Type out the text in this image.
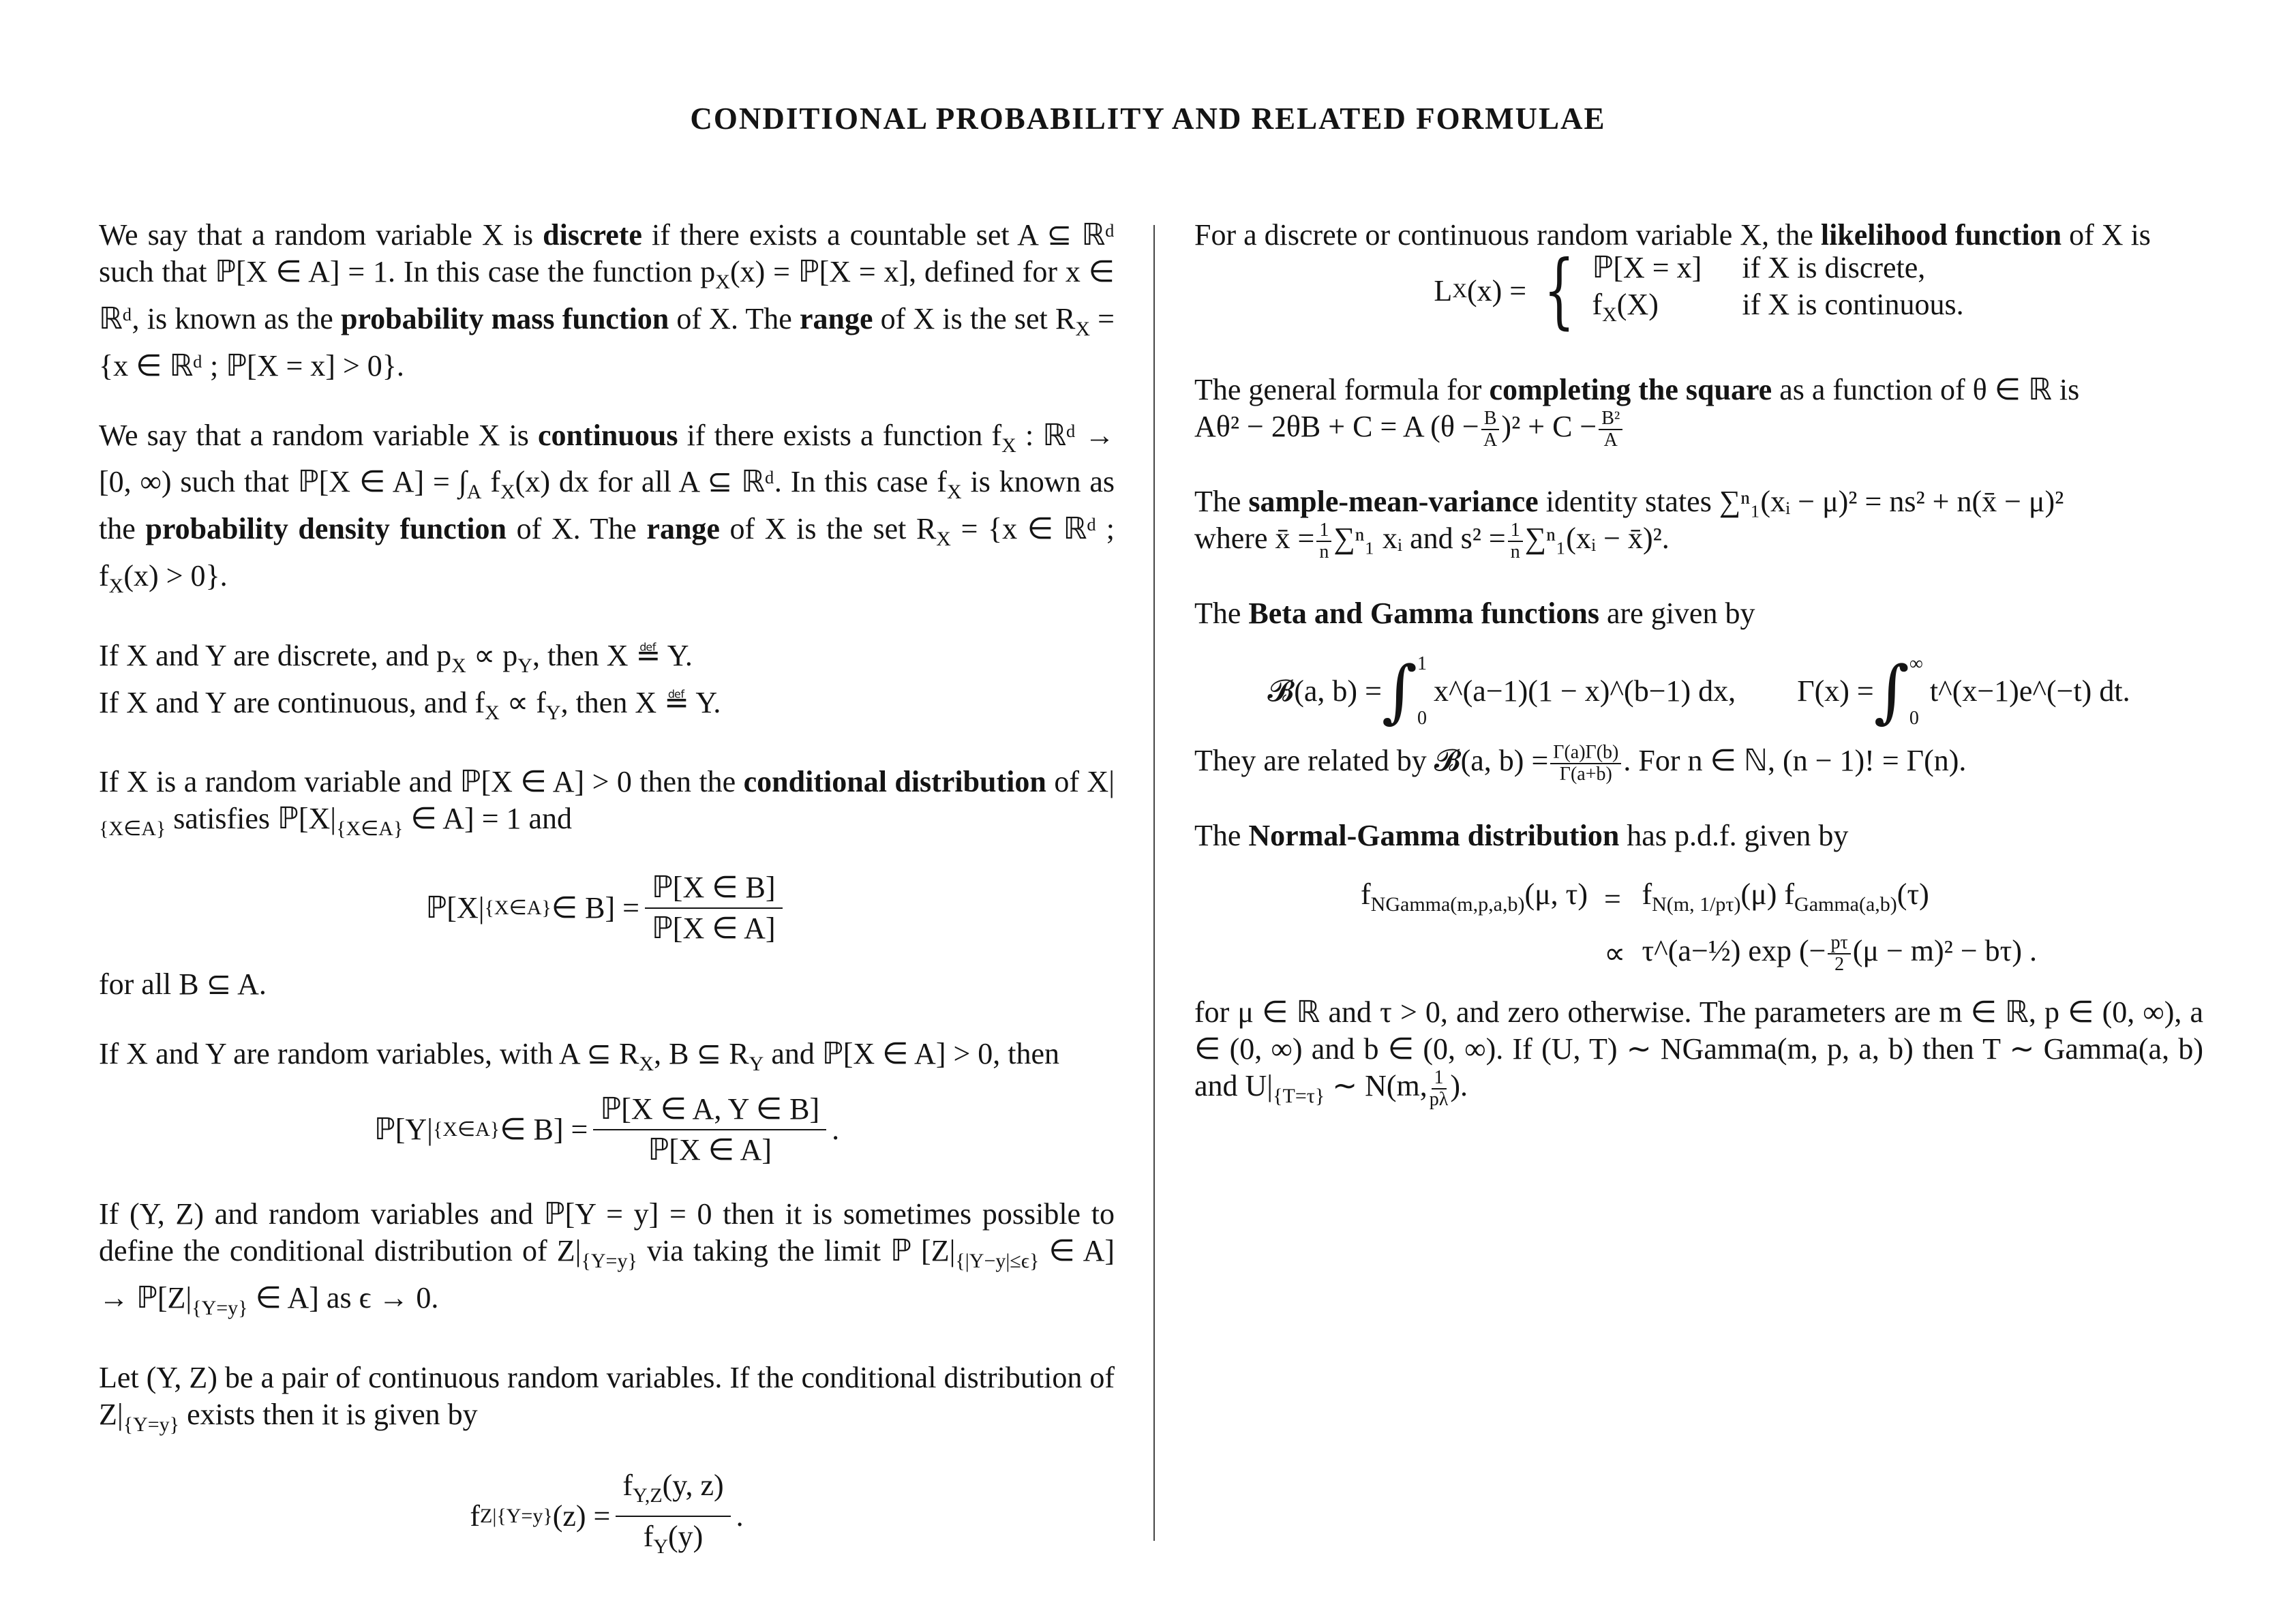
CONDITIONAL PROBABILITY AND RELATED FORMULAE

We say that a random variable X is discrete if there exists a countable set A ⊆ ℝᵈ such that ℙ[X ∈ A] = 1. In this case the function $p_X(x)$ = ℙ[X = x], defined for x ∈ ℝᵈ, is known as the probability mass function of X. The range of X is the set $R_X = \{x$ ∈ ℝᵈ ; ℙ[X = x] > 0}.

We say that a random variable X is continuous if there exists a function $f_X$ : ℝᵈ → [0, ∞) such that ℙ[X ∈ $A] = \int_A$ $f_X(x)$ dx for all A ⊆ ℝᵈ. In this case $f_X$ is known as the probability density function of X. The range of X is the set $R_X = \{x$ ∈ ℝᵈ ; $f_X(x) > 0$}.

If X and Y are discrete, and $p_X \propto p_Y$, then X ≝ Y.
If X and Y are continuous, and $f_X \propto f_Y$, then X ≝ Y.

If X is a random variable and ℙ[X ∈ A] > 0 then the conditional distribution of $X|_{\{X\in A\}}$ satisfies $ℙ[X|_{\{X\in A\}}$ ∈ A] = 1 and

ℙ[X| {X∈A} ∈ $B] = \frac{\text{ℙ[X ∈ B]}}{\text{ℙ[X ∈ A]}}$

for all B ⊆ A.

If X and Y are random variables, with A ⊆ $R_X$, B ⊆ $R_Y$ and ℙ[X ∈ A] > 0, then

ℙ[Y| {X∈A} ∈ $B] = \frac{\text{ℙ[X ∈ A, Y ∈ B]}}{\text{ℙ[X ∈ A]}}$ .

If (Y, Z) and random variables and ℙ[Y = y] = 0 then it is sometimes possible to define the conditional distribution of $Z|_{\{Y=y\}}$ via taking the limit ℙ [$Z|_{\{|Y-y|\le\epsilon\}}$ ∈ $A] \to ℙ[Z|_{\{Y=y\}}$ ∈ A] as ϵ → 0.

Let (Y, Z) be a pair of continuous random variables. If the conditional distribution of $Z|_{\{Y=y\}}$ exists then it is given by

f Z|{Y=y} $(z) = \frac{f_{Y,Z}(y, z)}{f_Y(y)}$ .

For a discrete or continuous random variable X, the likelihood function of X is

L X (x) = { ℙ[X = x]	if X is discrete,
$f_X(X)$	if X is continuous.

The general formula for completing the square as a function of θ ∈ ℝ is
Aθ² − 2θB + C = A $(\theta - \frac{B}{A} )^2 + C - \frac{\text{B²}}{A}$

The sample-mean-variance identity states ∑ⁿ₁(xᵢ − μ)² = ns² + n(x̄ − μ)²
where x̄ = $\frac{1}{n} \sum^n_1$ xᵢ and $s^2 = \frac{1}{n}$ ∑ⁿ₁(xᵢ − x̄)².

The Beta and Gamma functions are given by

𝓑(a, b) = ∫ 1
0
x^(a−1)(1 − x)^(b−1) dx, Γ(x) = ∫ ∞
0
t^(x−1)e^(−t) dt.

They are related by 𝓑(a, $b) = \frac{\Gamma(a)\Gamma(b)}{\Gamma(a+b)}$ . For n ∈ ℕ, (n − 1)! = Γ(n).

The Normal-Gamma distribution has p.d.f. given by

$f_{NGamma(m,p,a,b)}(\mu$, $\tau) = f_{N(m, 1/p\tau)}(\mu)$ $f_{Gamma(a,b)}(\tau)$
∝ τ^(a−½) exp (− $\frac{p\tau}{2} (\mu - m)^2 - b\tau$) .

for μ ∈ ℝ and τ > 0, and zero otherwise. The parameters are m ∈ ℝ, p ∈ (0, ∞), a ∈ (0, ∞) and b ∈ (0, ∞). If (U, T) ∼ NGamma(m, p, a, b) then T ∼ Gamma(a, b) and $U|_{\{T=\tau\}}$ ∼ N(m, $\frac{1}{p\lambda}$ ).
